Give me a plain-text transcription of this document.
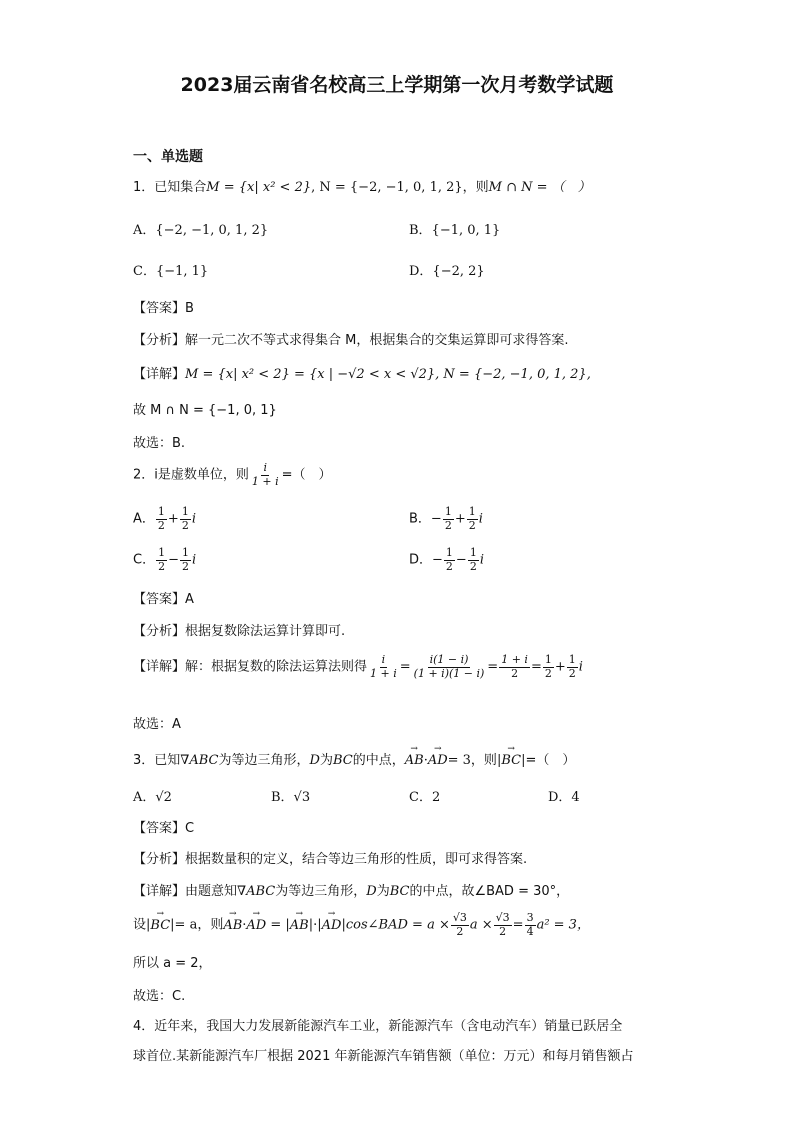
2023届云南省名校高三上学期第一次月考数学试题
一、单选题
1．已知集合M = {x| x² < 2}, N = {−2, −1, 0, 1, 2}，则M ∩ N = （　）
A．{−2, −1, 0, 1, 2}	B．{−1, 0, 1}
C．{−1, 1}	D．{−2, 2}
【答案】B
【分析】解一元二次不等式求得集合 M，根据集合的交集运算即可求得答案.
【详解】M = {x| x² < 2} = {x | −√2 < x < √2}, N = {−2, −1, 0, 1, 2},
故 M ∩ N = {−1, 0, 1}
故选：B.
2．i是虚数单位，则 $\frac{i}{1 + i}$ =（　）
A． $\frac{1}{2} + \frac{1}{2}$ i	B．− $\frac{1}{2} + \frac{1}{2}$ i
C． $\frac{1}{2} - \frac{1}{2}$ i	D．− $\frac{1}{2} - \frac{1}{2}$ i
【答案】A
【分析】根据复数除法运算计算即可.
【详解】解：根据复数的除法运算法则得 $\frac{i}{1 + i} = \frac{i(1 - i)}{(1 + i)(1 - i)} = \frac{1 + i}{2} = \frac{1}{2} + \frac{1}{2}$ i
故选：A
3．已知∇ABC为等边三角形，D为BC的中点，→ AB·→ AD= 3，则|→ BC|=（　）
A．√2	B．√3	C．2	D．4
【答案】C
【分析】根据数量积的定义，结合等边三角形的性质，即可求得答案.
【详解】由题意知∇ABC为等边三角形，D为BC的中点，故∠BAD = 30°，
设|→ BC|= a，则→ AB·→ AD = |→ AB|·|→ AD|cos∠BAD = $a \times \frac{√3}{2}$ $a \times \frac{√3}{2} = \frac{3}{4} a^2 = 3$，
所以 a = 2，
故选：C.
4．近年来，我国大力发展新能源汽车工业，新能源汽车（含电动汽车）销量已跃居全
球首位.某新能源汽车厂根据 2021 年新能源汽车销售额（单位：万元）和每月销售额占
